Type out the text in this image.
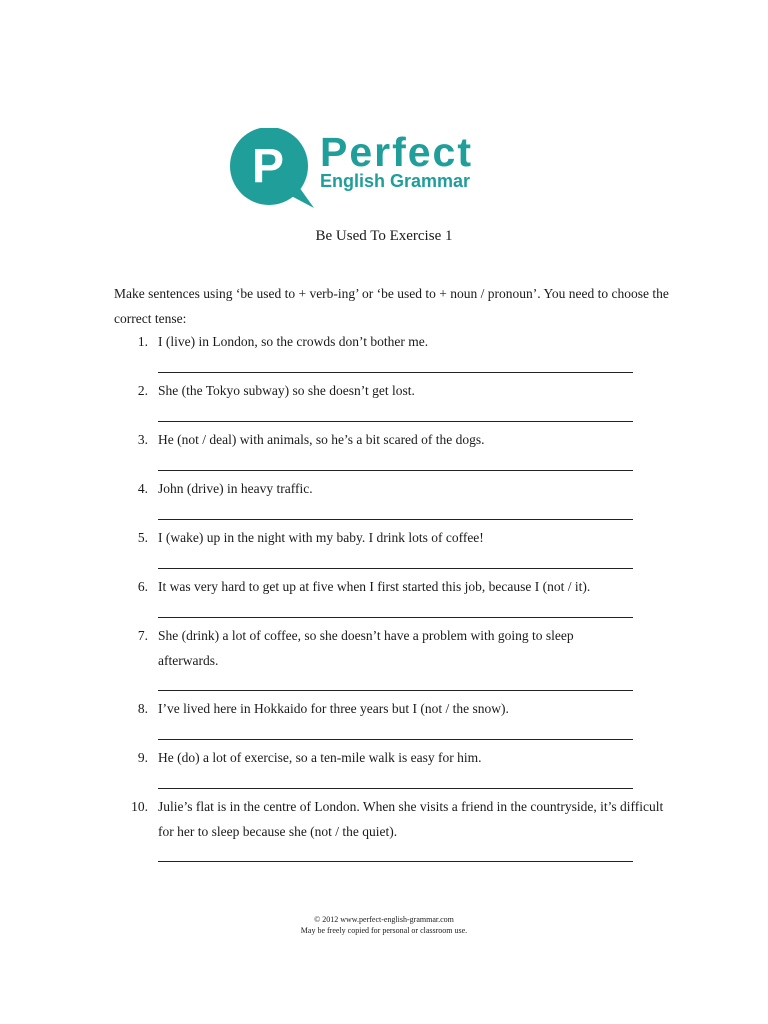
P Perfect
English Grammar
Be Used To Exercise 1
Make sentences using ‘be used to + verb-ing’ or ‘be used to + noun / pronoun’. You need to choose the correct tense:
1. I (live) in London, so the crowds don’t bother me.
2. She (the Tokyo subway) so she doesn’t get lost.
3. He (not / deal) with animals, so he’s a bit scared of the dogs.
4. John (drive) in heavy traffic.
5. I (wake) up in the night with my baby. I drink lots of coffee!
6. It was very hard to get up at five when I first started this job, because I (not / it).
7. She (drink) a lot of coffee, so she doesn’t have a problem with going to sleep afterwards.
8. I’ve lived here in Hokkaido for three years but I (not / the snow).
9. He (do) a lot of exercise, so a ten-mile walk is easy for him.
10. Julie’s flat is in the centre of London. When she visits a friend in the countryside, it’s difficult for her to sleep because she (not / the quiet).
© 2012 www.perfect-english-grammar.com
May be freely copied for personal or classroom use.
